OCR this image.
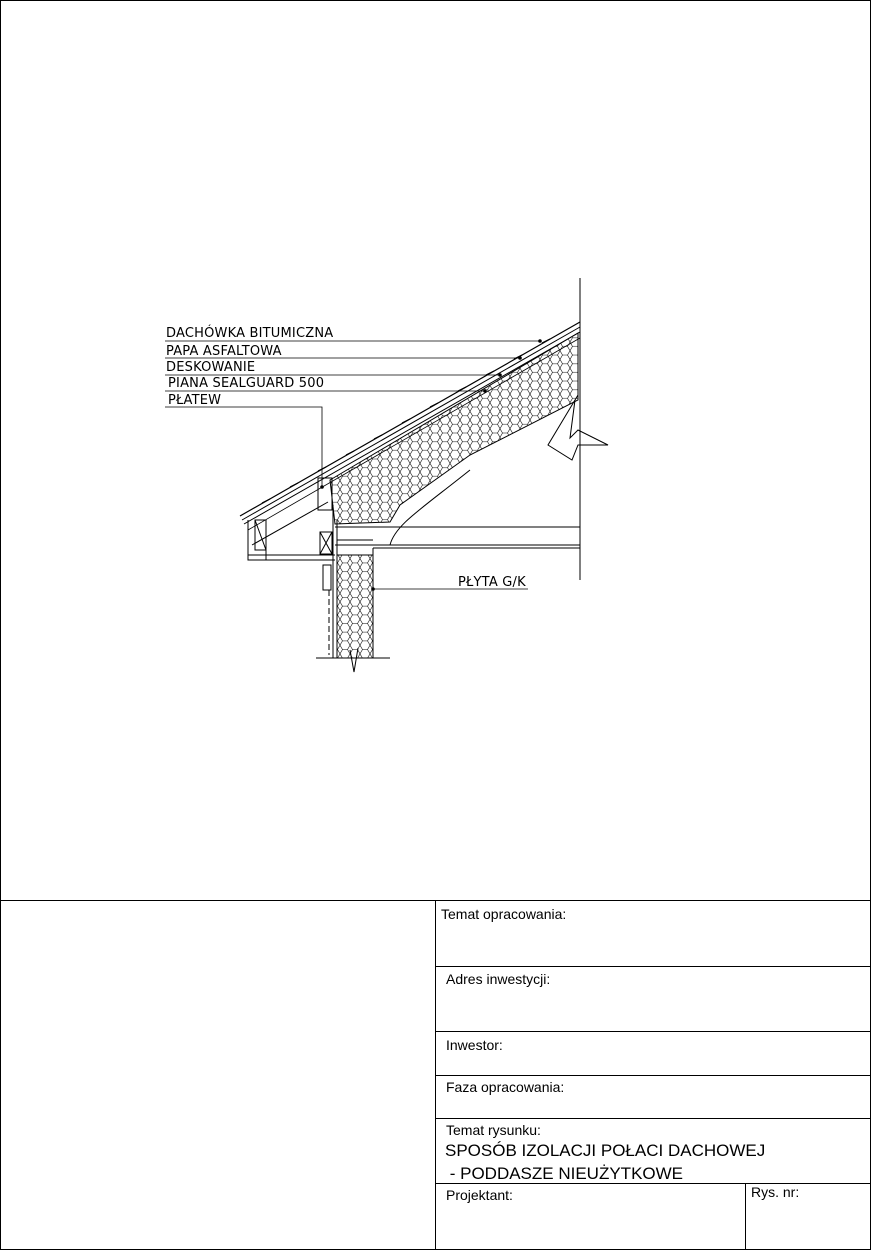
DACHÓWKA BITUMICZNA
PAPA ASFALTOWA
DESKOWANIE
PIANA SEALGUARD 500
PŁATEW
PŁYTA G/K
Temat opracowania:
Adres inwestycji:
Inwestor:
Faza opracowania:
Temat rysunku:
SPOSÓB IZOLACJI POŁACI DACHOWEJ
- PODDASZE NIEUŻYTKOWE
Projektant:	Rys. nr:
